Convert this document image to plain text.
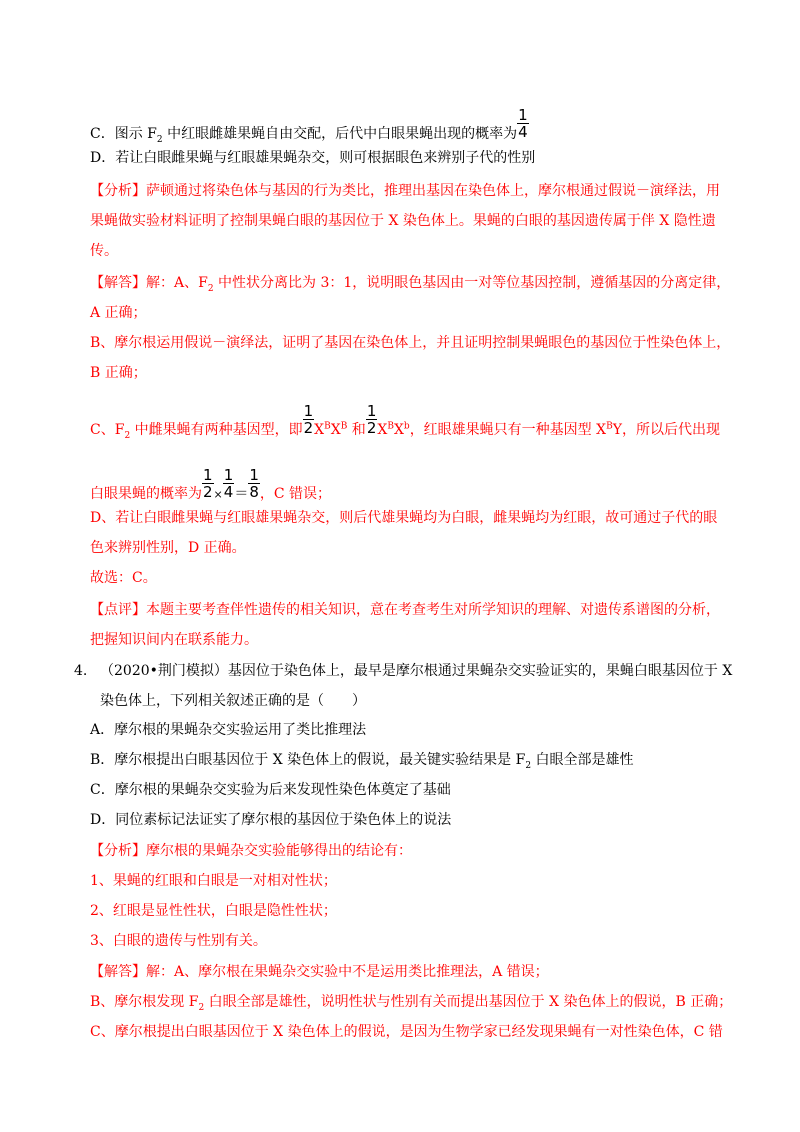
C．图示 $F_2$ 中红眼雌雄果蝇自由交配，后代中白眼果蝇出现的概率为 $\frac{1}{4}$
D．若让白眼雌果蝇与红眼雄果蝇杂交，则可根据眼色来辨别子代的性别
【分析】萨顿通过将染色体与基因的行为类比，推理出基因在染色体上，摩尔根通过假说－演绎法，用
果蝇做实验材料证明了控制果蝇白眼的基因位于 X 染色体上。果蝇的白眼的基因遗传属于伴 X 隐性遗
传。
【解答】解：A、$F_2$ 中性状分离比为 3：1，说明眼色基因由一对等位基因控制，遵循基因的分离定律，
A 正确；
B、摩尔根运用假说－演绎法，证明了基因在染色体上，并且证明控制果蝇眼色的基因位于性染色体上，
B 正确；
C、$F_2$ 中雌果蝇有两种基因型，即 $\frac{1}{2} X^BX^B$ 和 $\frac{1}{2} X^BX^b$，红眼雄果蝇只有一种基因型 $X^BY$，所以后代出现
白眼果蝇的概率为 $\frac{1}{2} \times \frac{1}{4} = \frac{1}{8}$ ，C 错误；
D、若让白眼雌果蝇与红眼雄果蝇杂交，则后代雄果蝇均为白眼，雌果蝇均为红眼，故可通过子代的眼
色来辨别性别，D 正确。
故选：C。
【点评】本题主要考查伴性遗传的相关知识，意在考查考生对所学知识的理解、对遗传系谱图的分析，
把握知识间内在联系能力。
4. （2020•荆门模拟）基因位于染色体上，最早是摩尔根通过果蝇杂交实验证实的，果蝇白眼基因位于 X
染色体上，下列相关叙述正确的是（　　）
A．摩尔根的果蝇杂交实验运用了类比推理法
B．摩尔根提出白眼基因位于 X 染色体上的假说，最关键实验结果是 $F_2$ 白眼全部是雄性
C．摩尔根的果蝇杂交实验为后来发现性染色体奠定了基础
D．同位素标记法证实了摩尔根的基因位于染色体上的说法
【分析】摩尔根的果蝇杂交实验能够得出的结论有：
1、果蝇的红眼和白眼是一对相对性状；
2、红眼是显性性状，白眼是隐性性状；
3、白眼的遗传与性别有关。
【解答】解：A、摩尔根在果蝇杂交实验中不是运用类比推理法，A 错误；
B、摩尔根发现 $F_2$ 白眼全部是雄性，说明性状与性别有关而提出基因位于 X 染色体上的假说，B 正确；
C、摩尔根提出白眼基因位于 X 染色体上的假说，是因为生物学家已经发现果蝇有一对性染色体，C 错
